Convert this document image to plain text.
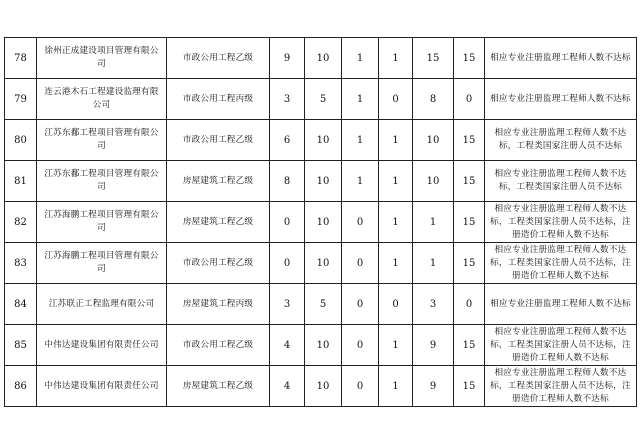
78	徐州正成建设项目管理有限公司	市政公用工程乙级	9	10	1	1	15	15	相应专业注册监理工程师人数不达标
79	连云港木石工程建设监理有限公司	市政公用工程丙级	3	5	1	0	8	0	相应专业注册监理工程师人数不达标
80	江苏东鄱工程项目管理有限公司	市政公用工程乙级	6	10	1	1	10	15	相应专业注册监理工程师人数不达标，工程类国家注册人员不达标
81	江苏东鄱工程项目管理有限公司	房屋建筑工程乙级	8	10	1	1	10	15	相应专业注册监理工程师人数不达标，工程类国家注册人员不达标
82	江苏海鹏工程项目管理有限公司	房屋建筑工程乙级	0	10	0	1	1	15	相应专业注册监理工程师人数不达标，工程类国家注册人员不达标，注册造价工程师人数不达标
83	江苏海鹏工程项目管理有限公司	市政公用工程乙级	0	10	0	1	1	15	相应专业注册监理工程师人数不达标，工程类国家注册人员不达标，注册造价工程师人数不达标
84	江苏联正工程监理有限公司	房屋建筑工程丙级	3	5	0	0	3	0	相应专业注册监理工程师人数不达标
85	中伟达建设集团有限责任公司	市政公用工程乙级	4	10	0	1	9	15	相应专业注册监理工程师人数不达标，工程类国家注册人员不达标，注册造价工程师人数不达标
86	中伟达建设集团有限责任公司	房屋建筑工程乙级	4	10	0	1	9	15	相应专业注册监理工程师人数不达标，工程类国家注册人员不达标，注册造价工程师人数不达标
